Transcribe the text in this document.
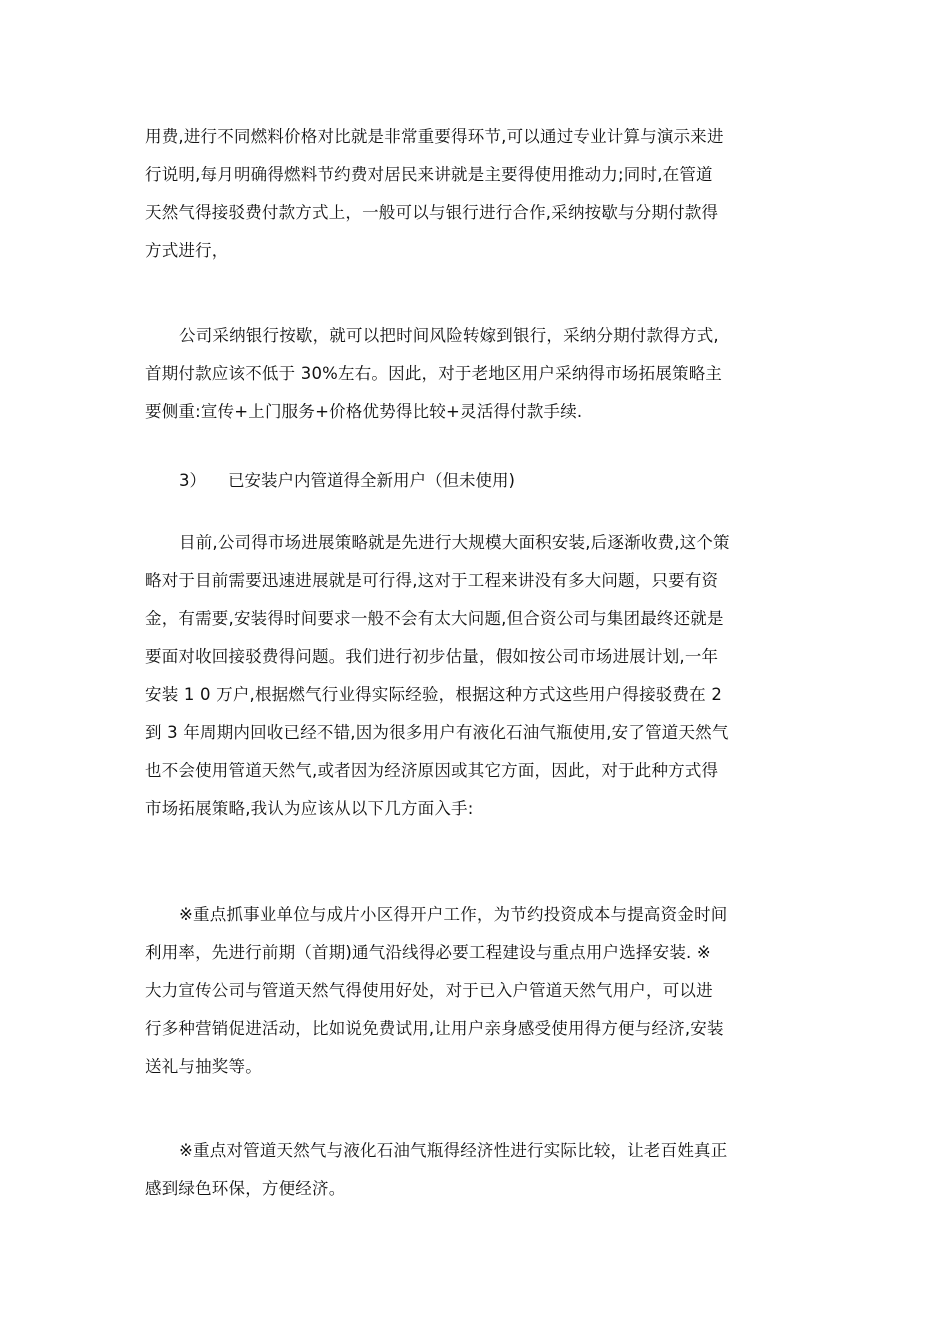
用费,进行不同燃料价格对比就是非常重要得环节,可以通过专业计算与演示来进
行说明,每月明确得燃料节约费对居民来讲就是主要得使用推动力;同时,在管道
天然气得接驳费付款方式上，一般可以与银行进行合作,采纳按歇与分期付款得
方式进行，
公司采纳银行按歇，就可以把时间风险转嫁到银行，采纳分期付款得方式,
首期付款应该不低于 30%左右。因此，对于老地区用户采纳得市场拓展策略主
要侧重:宣传+上门服务+价格优势得比较+灵活得付款手续.
3） 已安装户内管道得全新用户（但未使用)
目前,公司得市场进展策略就是先进行大规模大面积安装,后逐渐收费,这个策
略对于目前需要迅速进展就是可行得,这对于工程来讲没有多大问题，只要有资
金，有需要,安装得时间要求一般不会有太大问题,但合资公司与集团最终还就是
要面对收回接驳费得问题。我们进行初步估量，假如按公司市场进展计划,一年
安装 1 0 万户,根据燃气行业得实际经验，根据这种方式这些用户得接驳费在 2
到 3 年周期内回收已经不错,因为很多用户有液化石油气瓶使用,安了管道天然气
也不会使用管道天然气,或者因为经济原因或其它方面，因此，对于此种方式得
市场拓展策略,我认为应该从以下几方面入手:
※重点抓事业单位与成片小区得开户工作，为节约投资成本与提高资金时间
利用率，先进行前期（首期)通气沿线得必要工程建设与重点用户选择安装. ※
大力宣传公司与管道天然气得使用好处，对于已入户管道天然气用户，可以进
行多种营销促进活动，比如说免费试用,让用户亲身感受使用得方便与经济,安装
送礼与抽奖等。
※重点对管道天然气与液化石油气瓶得经济性进行实际比较，让老百姓真正
感到绿色环保，方便经济。
